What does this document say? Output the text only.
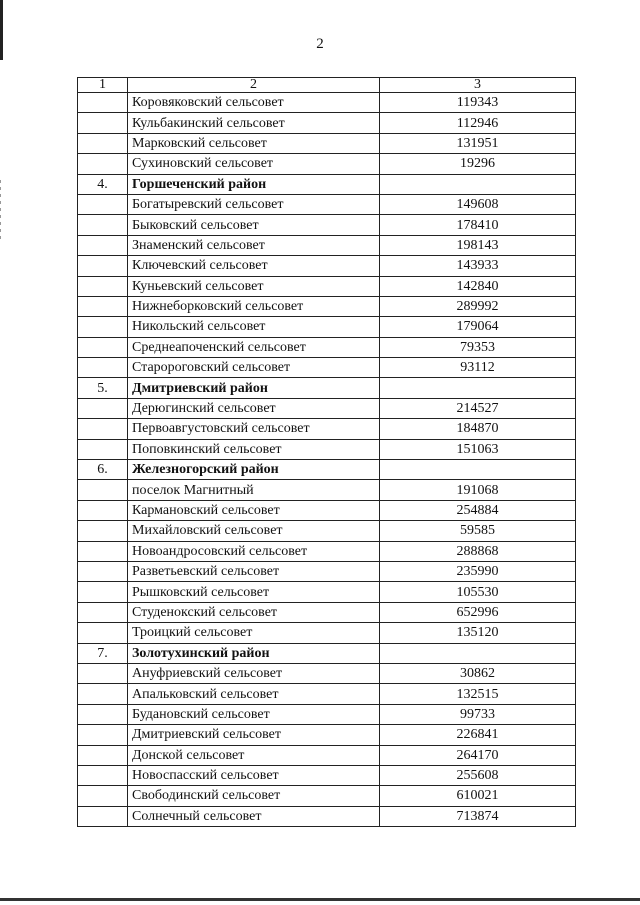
2
1	2	3
	Коровяковский сельсовет	119343
	Кульбакинский сельсовет	112946
	Марковский сельсовет	131951
	Сухиновский сельсовет	19296
4.	Горшеченский район	
	Богатыревский сельсовет	149608
	Быковский сельсовет	178410
	Знаменский сельсовет	198143
	Ключевский сельсовет	143933
	Куньевский сельсовет	142840
	Нижнеборковский сельсовет	289992
	Никольский сельсовет	179064
	Среднеапоченский сельсовет	79353
	Старороговский сельсовет	93112
5.	Дмитриевский район	
	Дерюгинский сельсовет	214527
	Первоавгустовский сельсовет	184870
	Поповкинский сельсовет	151063
6.	Железногорский район	
	поселок Магнитный	191068
	Кармановский сельсовет	254884
	Михайловский сельсовет	59585
	Новоандросовский сельсовет	288868
	Разветьевский сельсовет	235990
	Рышковский сельсовет	105530
	Студенокский сельсовет	652996
	Троицкий сельсовет	135120
7.	Золотухинский район	
	Ануфриевский сельсовет	30862
	Апальковский сельсовет	132515
	Будановский сельсовет	99733
	Дмитриевский сельсовет	226841
	Донской сельсовет	264170
	Новоспасский сельсовет	255608
	Свободинский сельсовет	610021
	Солнечный сельсовет	713874
